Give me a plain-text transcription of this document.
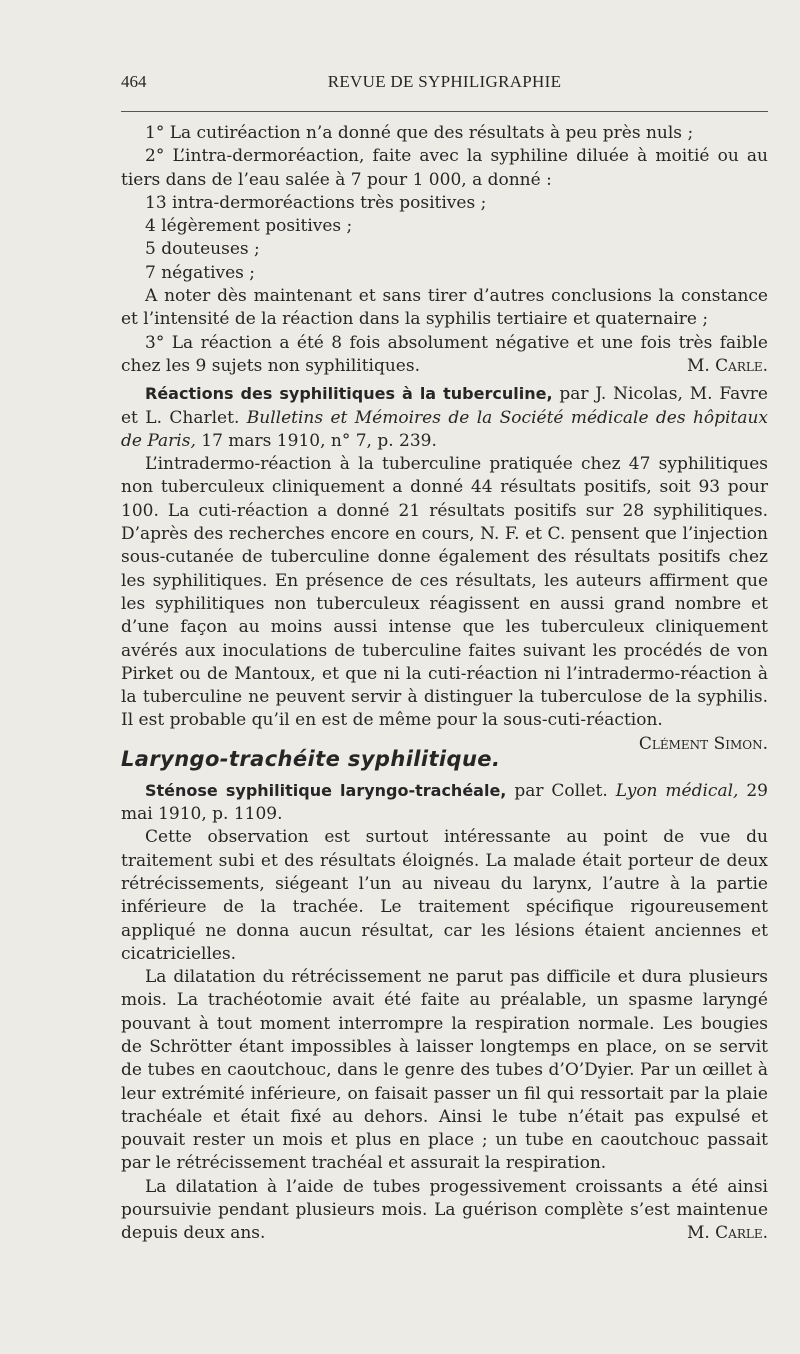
464	REVUE DE SYPHILIGRAPHIE

1° La cutiréaction n’a donné que des résultats à peu près nuls ;

2° L’intra-dermoréaction, faite avec la syphiline diluée à moitié ou au tiers dans de l’eau salée à 7 pour 1 000, a donné :

13 intra-dermoréactions très positives ;

4 légèrement positives ;

5 douteuses ;

7 négatives ;

A noter dès maintenant et sans tirer d’autres conclusions la constance et l’intensité de la réaction dans la syphilis tertiaire et quaternaire ;

3° La réaction a été 8 fois absolument négative et une fois très faible chez les 9 sujets non syphilitiques.	M. Carle.

Réactions des syphilitiques à la tuberculine, par J. Nicolas, M. Favre et L. Charlet. Bulletins et Mémoires de la Société médicale des hôpitaux de Paris, 17 mars 1910, n° 7, p. 239.

L’intradermo-réaction à la tuberculine pratiquée chez 47 syphilitiques non tuberculeux cliniquement a donné 44 résultats positifs, soit 93 pour 100. La cuti-réaction a donné 21 résultats positifs sur 28 syphilitiques. D’après des recherches encore en cours, N. F. et C. pensent que l’injection sous-cutanée de tuberculine donne également des résultats positifs chez les syphilitiques. En présence de ces résultats, les auteurs affirment que les syphilitiques non tuberculeux réagissent en aussi grand nombre et d’une façon au moins aussi intense que les tuberculeux cliniquement avérés aux inoculations de tuberculine faites suivant les procédés de von Pirket ou de Mantoux, et que ni la cuti-réaction ni l’intradermo-réaction à la tuberculine ne peuvent servir à distinguer la tuberculose de la syphilis. Il est probable qu’il en est de même pour la sous-cuti-réaction.
Clément Simon.

Laryngo-trachéite syphilitique.

Sténose syphilitique laryngo-trachéale, par Collet. Lyon médical, 29 mai 1910, p. 1109.

Cette observation est surtout intéressante au point de vue du traitement subi et des résultats éloignés. La malade était porteur de deux rétrécissements, siégeant l’un au niveau du larynx, l’autre à la partie inférieure de la trachée. Le traitement spécifique rigoureusement appliqué ne donna aucun résultat, car les lésions étaient anciennes et cicatricielles.

La dilatation du rétrécissement ne parut pas difficile et dura plusieurs mois. La trachéotomie avait été faite au préalable, un spasme laryngé pouvant à tout moment interrompre la respiration normale. Les bougies de Schrötter étant impossibles à laisser longtemps en place, on se servit de tubes en caoutchouc, dans le genre des tubes d’O’Dyier. Par un œillet à leur extrémité inférieure, on faisait passer un fil qui ressortait par la plaie trachéale et était fixé au dehors. Ainsi le tube n’était pas expulsé et pouvait rester un mois et plus en place ; un tube en caoutchouc passait par le rétrécissement trachéal et assurait la respiration.

La dilatation à l’aide de tubes progessivement croissants a été ainsi poursuivie pendant plusieurs mois. La guérison complète s’est maintenue depuis deux ans.	M. Carle.
